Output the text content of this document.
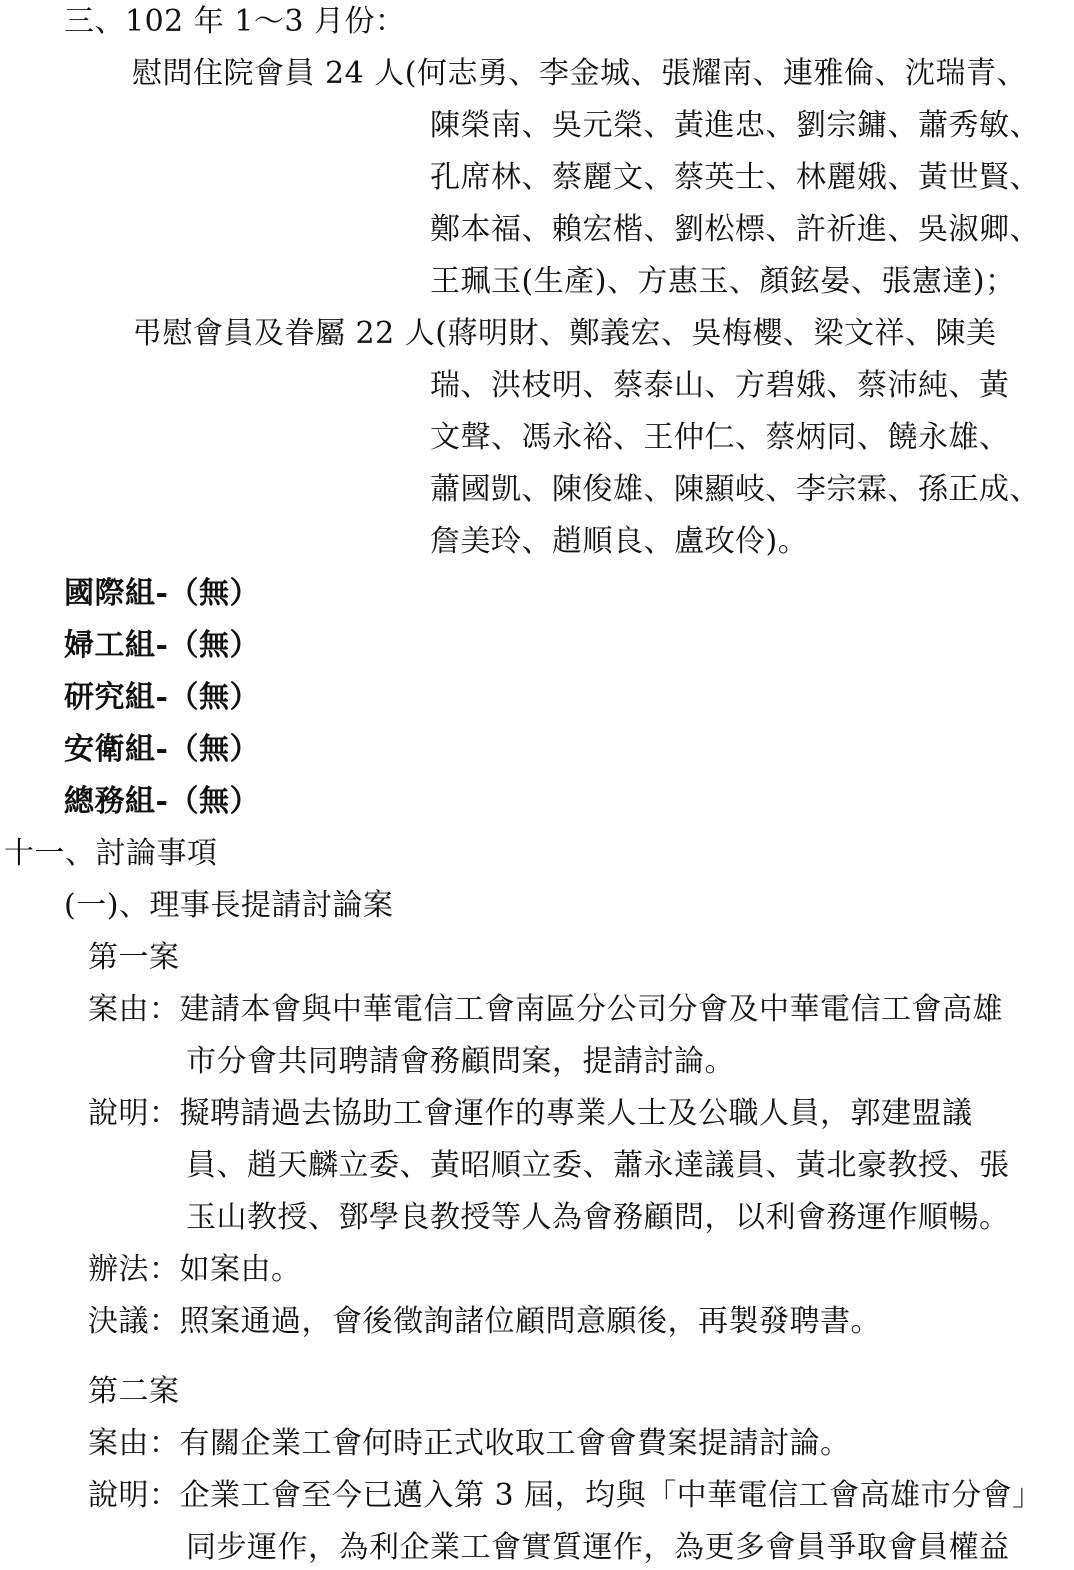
三、102 年 1～3 月份：
慰問住院會員 24 人(何志勇、李金城、張耀南、連雅倫、沈瑞青、
陳榮南、吳元榮、黃進忠、劉宗鏞、蕭秀敏、
孔席林、蔡麗文、蔡英士、林麗娥、黃世賢、
鄭本福、賴宏楷、劉松標、許祈進、吳淑卿、
王珮玉(生產)、方惠玉、顏鉉晏、張憲達)；
弔慰會員及眷屬 22 人(蔣明財、鄭義宏、吳梅櫻、梁文祥、陳美
瑞、洪枝明、蔡泰山、方碧娥、蔡沛純、黃
文聲、馮永裕、王仲仁、蔡炳同、饒永雄、
蕭國凱、陳俊雄、陳顯岐、李宗霖、孫正成、
詹美玲、趙順良、盧玫伶)。
國際組-（無）
婦工組-（無）
研究組-（無）
安衛組-（無）
總務組-（無）
十一、討論事項
(一)、理事長提請討論案
第一案
案由：建請本會與中華電信工會南區分公司分會及中華電信工會高雄
市分會共同聘請會務顧問案，提請討論。
說明：擬聘請過去協助工會運作的專業人士及公職人員，郭建盟議
員、趙天麟立委、黃昭順立委、蕭永達議員、黃北豪教授、張
玉山教授、鄧學良教授等人為會務顧問，以利會務運作順暢。
辦法：如案由。
決議：照案通過，會後徵詢諸位顧問意願後，再製發聘書。
第二案
案由：有關企業工會何時正式收取工會會費案提請討論。
說明：企業工會至今已邁入第 3 屆，均與「中華電信工會高雄市分會」
同步運作，為利企業工會實質運作，為更多會員爭取會員權益
